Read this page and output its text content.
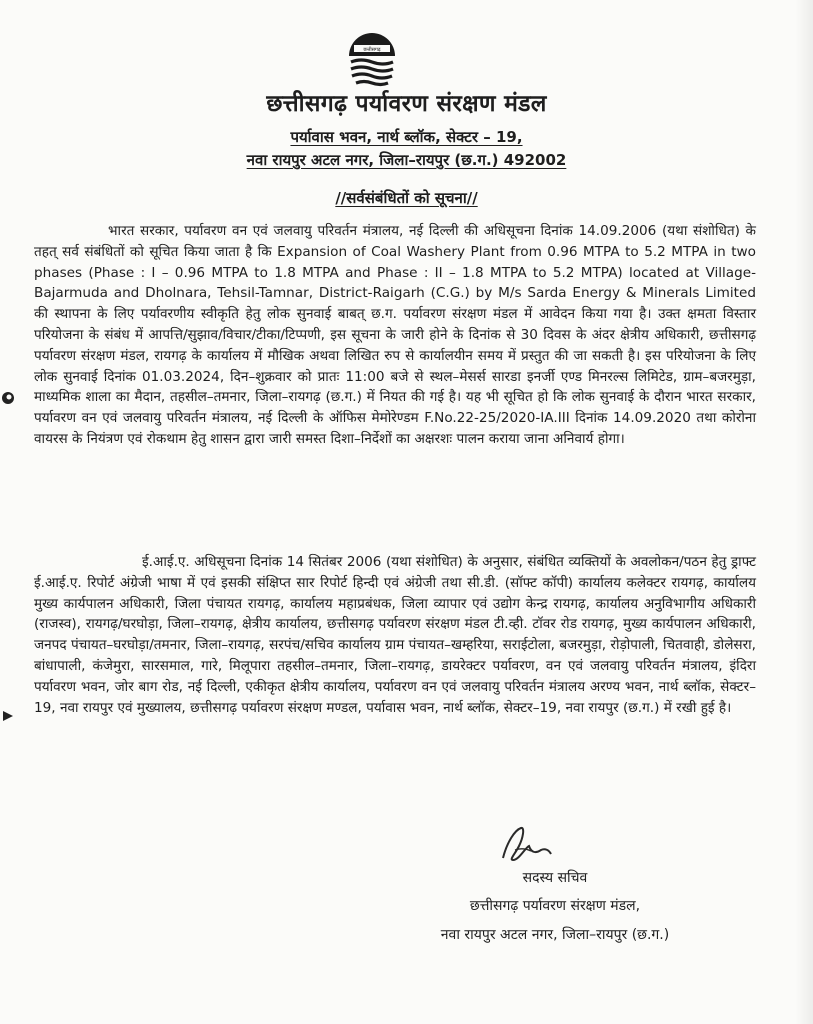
छत्तीसगढ़
छत्तीसगढ़ पर्यावरण संरक्षण मंडल
पर्यावास भवन, नार्थ ब्लॉक, सेक्टर – 19,
नवा रायपुर अटल नगर, जिला–रायपुर (छ.ग.) 492002
//सर्वसंबंधितों को सूचना//
भारत सरकार, पर्यावरण वन एवं जलवायु परिवर्तन मंत्रालय, नई दिल्ली की अधिसूचना दिनांक 14.09.2006 (यथा संशोधित) के तहत् सर्व संबंधितों को सूचित किया जाता है कि Expansion of Coal Washery Plant from 0.96 MTPA to 5.2 MTPA in two phases (Phase : I – 0.96 MTPA to 1.8 MTPA and Phase : II – 1.8 MTPA to 5.2 MTPA) located at Village-Bajarmuda and Dholnara, Tehsil-Tamnar, District-Raigarh (C.G.) by M/s Sarda Energy & Minerals Limited की स्थापना के लिए पर्यावरणीय स्वीकृति हेतु लोक सुनवाई बाबत् छ.ग. पर्यावरण संरक्षण मंडल में आवेदन किया गया है। उक्त क्षमता विस्तार परियोजना के संबंध में आपत्ति/सुझाव/विचार/टीका/टिप्पणी, इस सूचना के जारी होने के दिनांक से 30 दिवस के अंदर क्षेत्रीय अधिकारी, छत्तीसगढ़ पर्यावरण संरक्षण मंडल, रायगढ़ के कार्यालय में मौखिक अथवा लिखित रुप से कार्यालयीन समय में प्रस्तुत की जा सकती है। इस परियोजना के लिए लोक सुनवाई दिनांक 01.03.2024, दिन–शुक्रवार को प्रातः 11:00 बजे से स्थल–मेसर्स सारडा इनर्जी एण्ड मिनरल्स लिमिटेड, ग्राम–बजरमुड़ा, माध्यमिक शाला का मैदान, तहसील–तमनार, जिला–रायगढ़ (छ.ग.) में नियत की गई है। यह भी सूचित हो कि लोक सुनवाई के दौरान भारत सरकार, पर्यावरण वन एवं जलवायु परिवर्तन मंत्रालय, नई दिल्ली के ऑफिस मेमोरेण्डम F.No.22-25/2020-IA.III दिनांक 14.09.2020 तथा कोरोना वायरस के नियंत्रण एवं रोकथाम हेतु शासन द्वारा जारी समस्त दिशा–निर्देशों का अक्षरशः पालन कराया जाना अनिवार्य होगा।
ई.आई.ए. अधिसूचना दिनांक 14 सितंबर 2006 (यथा संशोधित) के अनुसार, संबंधित व्यक्तियों के अवलोकन/पठन हेतु ड्राफ्ट ई.आई.ए. रिपोर्ट अंग्रेजी भाषा में एवं इसकी संक्षिप्त सार रिपोर्ट हिन्दी एवं अंग्रेजी तथा सी.डी. (सॉफ्ट कॉपी) कार्यालय कलेक्टर रायगढ़, कार्यालय मुख्य कार्यपालन अधिकारी, जिला पंचायत रायगढ़, कार्यालय महाप्रबंधक, जिला व्यापार एवं उद्योग केन्द्र रायगढ़, कार्यालय अनुविभागीय अधिकारी (राजस्व), रायगढ़/घरघोड़ा, जिला–रायगढ़, क्षेत्रीय कार्यालय, छत्तीसगढ़ पर्यावरण संरक्षण मंडल टी.व्ही. टॉवर रोड रायगढ़, मुख्य कार्यपालन अधिकारी, जनपद पंचायत–घरघोड़ा/तमनार, जिला–रायगढ़, सरपंच/सचिव कार्यालय ग्राम पंचायत–खम्हरिया, सराईटोला, बजरमुड़ा, रोड़ोपाली, चितवाही, डोलेसरा, बांधापाली, कंजेमुरा, सारसमाल, गारे, मिलूपारा तहसील–तमनार, जिला–रायगढ़, डायरेक्टर पर्यावरण, वन एवं जलवायु परिवर्तन मंत्रालय, इंदिरा पर्यावरण भवन, जोर बाग रोड, नई दिल्ली, एकीकृत क्षेत्रीय कार्यालय, पर्यावरण वन एवं जलवायु परिवर्तन मंत्रालय अरण्य भवन, नार्थ ब्लॉक, सेक्टर–19, नवा रायपुर एवं मुख्यालय, छत्तीसगढ़ पर्यावरण संरक्षण मण्डल, पर्यावास भवन, नार्थ ब्लॉक, सेक्टर–19, नवा रायपुर (छ.ग.) में रखी हुई है।
सदस्य सचिव
छत्तीसगढ़ पर्यावरण संरक्षण मंडल,
नवा रायपुर अटल नगर, जिला–रायपुर (छ.ग.)
